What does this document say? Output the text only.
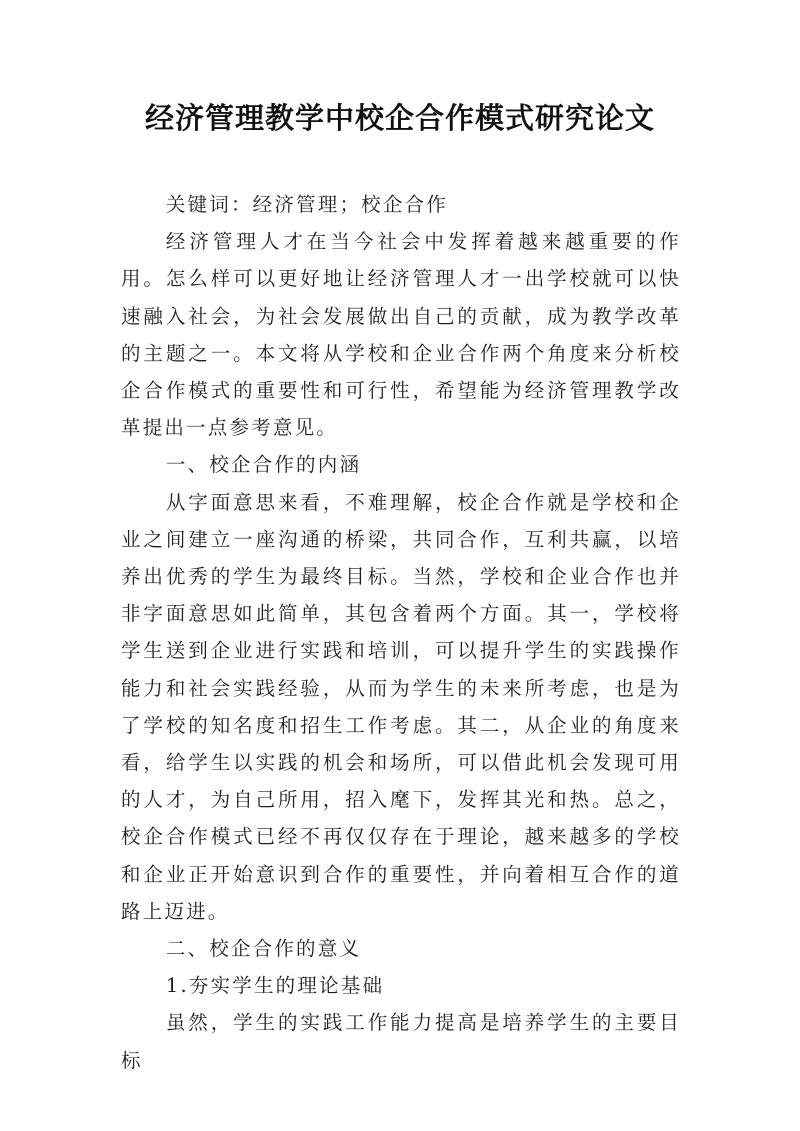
经济管理教学中校企合作模式研究论文

关键词：经济管理；校企合作

经济管理人才在当今社会中发挥着越来越重要的作用。怎么样可以更好地让经济管理人才一出学校就可以快速融入社会，为社会发展做出自己的贡献，成为教学改革的主题之一。本文将从学校和企业合作两个角度来分析校企合作模式的重要性和可行性，希望能为经济管理教学改革提出一点参考意见。

一、校企合作的内涵

从字面意思来看，不难理解，校企合作就是学校和企业之间建立一座沟通的桥梁，共同合作，互利共赢，以培养出优秀的学生为最终目标。当然，学校和企业合作也并非字面意思如此简单，其包含着两个方面。其一，学校将学生送到企业进行实践和培训，可以提升学生的实践操作能力和社会实践经验，从而为学生的未来所考虑，也是为了学校的知名度和招生工作考虑。其二，从企业的角度来看，给学生以实践的机会和场所，可以借此机会发现可用的人才，为自己所用，招入麾下，发挥其光和热。总之，校企合作模式已经不再仅仅存在于理论，越来越多的学校和企业正开始意识到合作的重要性，并向着相互合作的道路上迈进。

二、校企合作的意义

1.夯实学生的理论基础

虽然，学生的实践工作能力提高是培养学生的主要目标
